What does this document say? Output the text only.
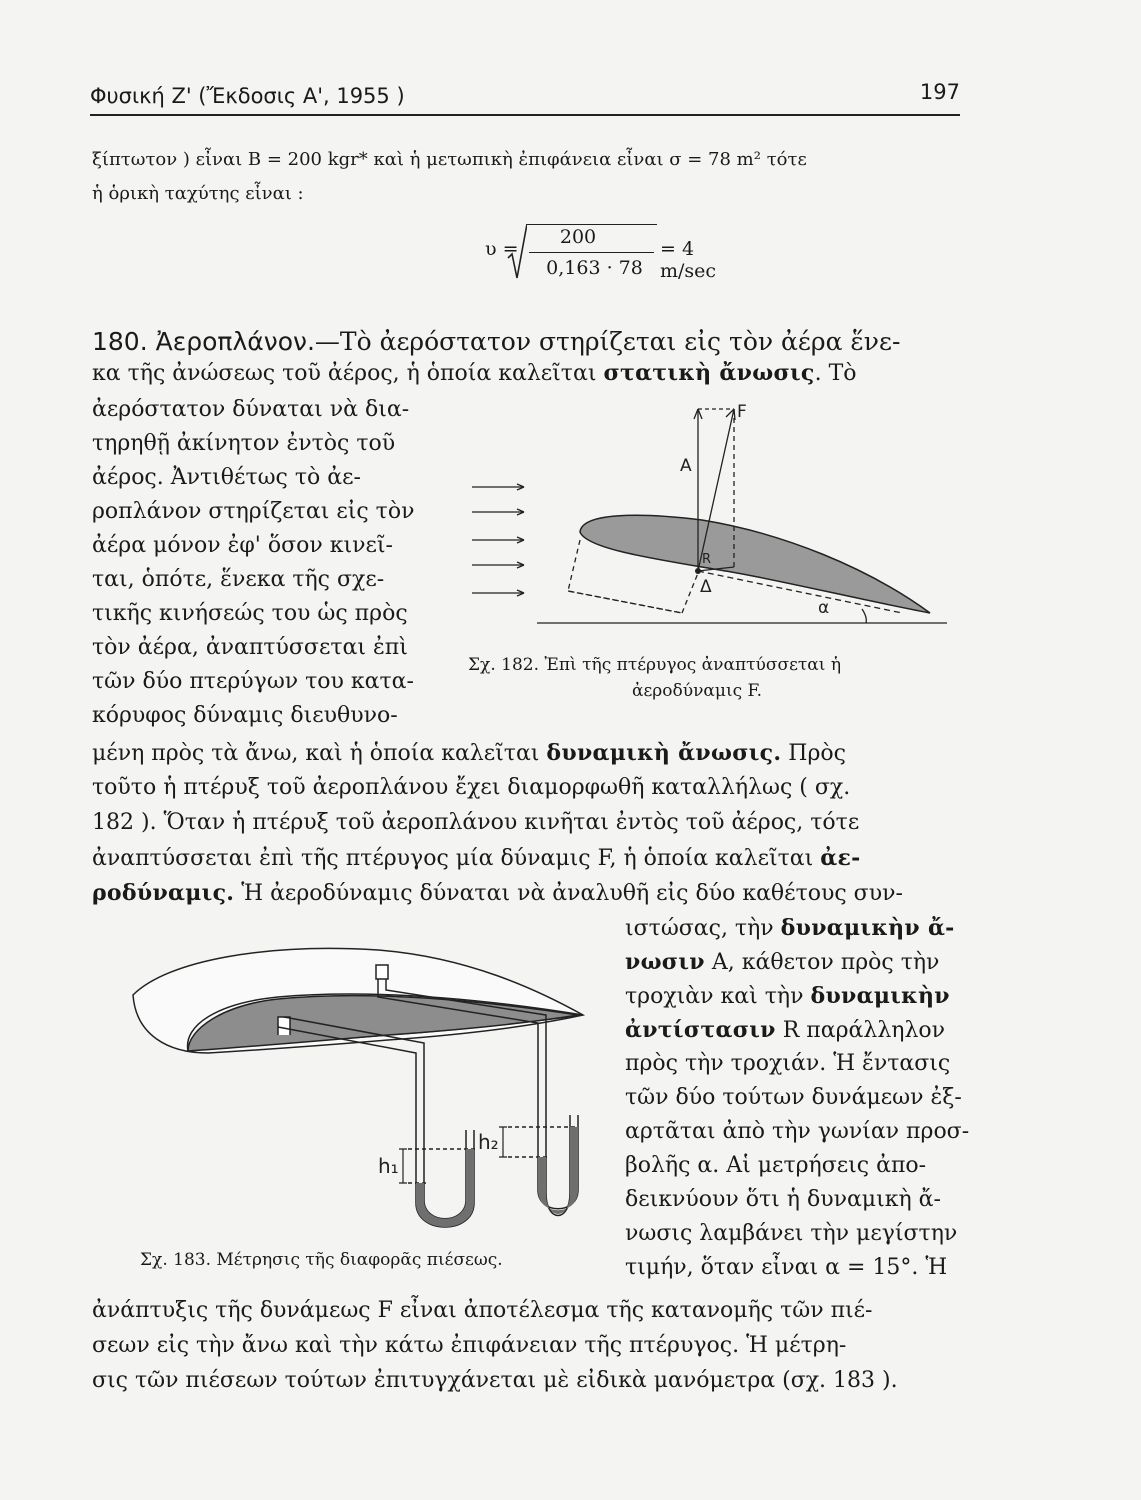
Φυσική Ζ' (Ἔκδοσις Α', 1955 )	197
ξίπτωτον ) εἶναι B = 200 kgr* καὶ ἡ μετωπικὴ ἐπιφάνεια εἶναι σ = 78 m² τότε
ἡ ὁρικὴ ταχύτης εἶναι :
υ =
200
0,163 · 78
= 4 m/sec
180. Ἀεροπλάνον.—Τὸ ἀερόστατον στηρίζεται εἰς τὸν ἀέρα ἕνε-
κα τῆς ἀνώσεως τοῦ ἀέρος, ἡ ὁποία καλεῖται στατικὴ ἄνωσις. Τὸ
ἀερόστατον δύναται νὰ δια-
τηρηθῇ ἀκίνητον ἐντὸς τοῦ
ἀέρος. Ἀντιθέτως τὸ ἀε-
ροπλάνον στηρίζεται εἰς τὸν
ἀέρα μόνον ἐφ' ὅσον κινεῖ-
ται, ὁπότε, ἕνεκα τῆς σχε-
τικῆς κινήσεώς του ὡς πρὸς
τὸν ἀέρα, ἀναπτύσσεται ἐπὶ
τῶν δύο πτερύγων του κατα-
κόρυφος δύναμις διευθυνο-
F
A
R
Δ
α
Σχ. 182. Ἐπὶ τῆς πτέρυγος ἀναπτύσσεται ἡ
ἀεροδύναμις F.
μένη πρὸς τὰ ἄνω, καὶ ἡ ὁποία καλεῖται δυναμικὴ ἄνωσις. Πρὸς
τοῦτο ἡ πτέρυξ τοῦ ἀεροπλάνου ἔχει διαμορφωθῆ καταλλήλως ( σχ.
182 ). Ὅταν ἡ πτέρυξ τοῦ ἀεροπλάνου κινῆται ἐντὸς τοῦ ἀέρος, τότε
ἀναπτύσσεται ἐπὶ τῆς πτέρυγος μία δύναμις F, ἡ ὁποία καλεῖται ἀε-
ροδύναμις. Ἡ ἀεροδύναμις δύναται νὰ ἀναλυθῆ εἰς δύο καθέτους συν-
ιστώσας, τὴν δυναμικὴν ἄ-
νωσιν Α, κάθετον πρὸς τὴν
τροχιὰν καὶ τὴν δυναμικὴν
ἀντίστασιν R παράλληλον
πρὸς τὴν τροχιάν. Ἡ ἔντασις
τῶν δύο τούτων δυνάμεων ἐξ-
αρτᾶται ἀπὸ τὴν γωνίαν προσ-
βολῆς α. Αἱ μετρήσεις ἀπο-
δεικνύουν ὅτι ἡ δυναμικὴ ἄ-
νωσις λαμβάνει τὴν μεγίστην
τιμήν, ὅταν εἶναι α = 15°. Ἡ
h₁
h₂
Σχ. 183. Μέτρησις τῆς διαφορᾶς πιέσεως.
ἀνάπτυξις τῆς δυνάμεως F εἶναι ἀποτέλεσμα τῆς κατανομῆς τῶν πιέ-
σεων εἰς τὴν ἄνω καὶ τὴν κάτω ἐπιφάνειαν τῆς πτέρυγος. Ἡ μέτρη-
σις τῶν πιέσεων τούτων ἐπιτυγχάνεται μὲ εἰδικὰ μανόμετρα (σχ. 183 ).
